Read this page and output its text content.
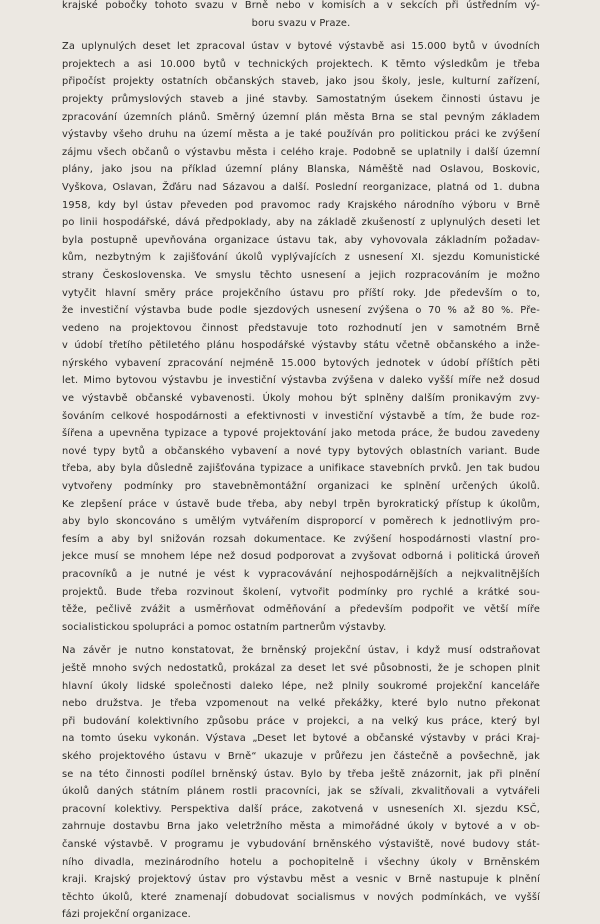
krajské pobočky tohoto svazu v Brně nebo v komisích a v sekcích při ústředním vý-
boru svazu v Praze.

Za uplynulých deset let zpracoval ústav v bytové výstavbě asi 15.000 bytů v úvodních
projektech a asi 10.000 bytů v technických projektech. K těmto výsledkům je třeba
připočíst projekty ostatních občanských staveb, jako jsou školy, jesle, kulturní zařízení,
projekty průmyslových staveb a jiné stavby. Samostatným úsekem činnosti ústavu je
zpracování územních plánů. Směrný územní plán města Brna se stal pevným základem
výstavby všeho druhu na území města a je také používán pro politickou práci ke zvýšení
zájmu všech občanů o výstavbu města i celého kraje. Podobně se uplatnily i další územní
plány, jako jsou na příklad územní plány Blanska, Náměště nad Oslavou, Boskovic,
Vyškova, Oslavan, Žďáru nad Sázavou a další. Poslední reorganizace, platná od 1. dubna
1958, kdy byl ústav převeden pod pravomoc rady Krajského národního výboru v Brně
po linii hospodářské, dává předpoklady, aby na základě zkušeností z uplynulých deseti let
byla postupně upevňována organizace ústavu tak, aby vyhovovala základním požadav-
kům, nezbytným k zajišťování úkolů vyplývajících z usnesení XI. sjezdu Komunistické
strany Československa. Ve smyslu těchto usnesení a jejich rozpracováním je možno
vytyčit hlavní směry práce projekčního ústavu pro příští roky. Jde především o to,
že investiční výstavba bude podle sjezdových usnesení zvýšena o 70 % až 80 %. Pře-
vedeno na projektovou činnost představuje toto rozhodnutí jen v samotném Brně
v údobí třetího pětiletého plánu hospodářské výstavby státu včetně občanského a inže-
nýrského vybavení zpracování nejméně 15.000 bytových jednotek v údobí příštích pěti
let. Mimo bytovou výstavbu je investiční výstavba zvýšena v daleko vyšší míře než dosud
ve výstavbě občanské vybavenosti. Úkoly mohou být splněny dalším pronikavým zvy-
šováním celkové hospodárnosti a efektivnosti v investiční výstavbě a tím, že bude roz-
šířena a upevněna typizace a typové projektování jako metoda práce, že budou zavedeny
nové typy bytů a občanského vybavení a nové typy bytových oblastních variant. Bude
třeba, aby byla důsledně zajišťována typizace a unifikace stavebních prvků. Jen tak budou
vytvořeny podmínky pro stavebněmontážní organizaci ke splnění určených úkolů.
Ke zlepšení práce v ústavě bude třeba, aby nebyl trpěn byrokratický přístup k úkolům,
aby bylo skoncováno s umělým vytvářením disproporcí v poměrech k jednotlivým pro-
fesím a aby byl snižován rozsah dokumentace. Ke zvýšení hospodárnosti vlastní pro-
jekce musí se mnohem lépe než dosud podporovat a zvyšovat odborná i politická úroveň
pracovníků a je nutné je vést k vypracovávání nejhospodárnějších a nejkvalitnějších
projektů. Bude třeba rozvinout školení, vytvořit podmínky pro rychlé a krátké sou-
těže, pečlivě zvážit a usměrňovat odměňování a především podpořit ve větší míře
socialistickou spolupráci a pomoc ostatním partnerům výstavby.

Na závěr je nutno konstatovat, že brněnský projekční ústav, i když musí odstraňovat
ještě mnoho svých nedostatků, prokázal za deset let své působnosti, že je schopen plnit
hlavní úkoly lidské společnosti daleko lépe, než plnily soukromé projekční kanceláře
nebo družstva. Je třeba vzpomenout na velké překážky, které bylo nutno překonat
při budování kolektivního způsobu práce v projekci, a na velký kus práce, který byl
na tomto úseku vykonán. Výstava „Deset let bytové a občanské výstavby v práci Kraj-
ského projektového ústavu v Brně“ ukazuje v průřezu jen částečně a povšechně, jak
se na této činnosti podílel brněnský ústav. Bylo by třeba ještě znázornit, jak při plnění
úkolů daných státním plánem rostli pracovníci, jak se sžívali, zkvalitňovali a vytvářeli
pracovní kolektivy. Perspektiva další práce, zakotvená v usneseních XI. sjezdu KSČ,
zahrnuje dostavbu Brna jako veletržního města a mimořádné úkoly v bytové a v ob-
čanské výstavbě. V programu je vybudování brněnského výstaviště, nové budovy stát-
ního divadla, mezinárodního hotelu a pochopitelně i všechny úkoly v Brněnském
kraji. Krajský projektový ústav pro výstavbu měst a vesnic v Brně nastupuje k plnění
těchto úkolů, které znamenají dobudovat socialismus v nových podmínkách, ve vyšší
fázi projekční organizace.
